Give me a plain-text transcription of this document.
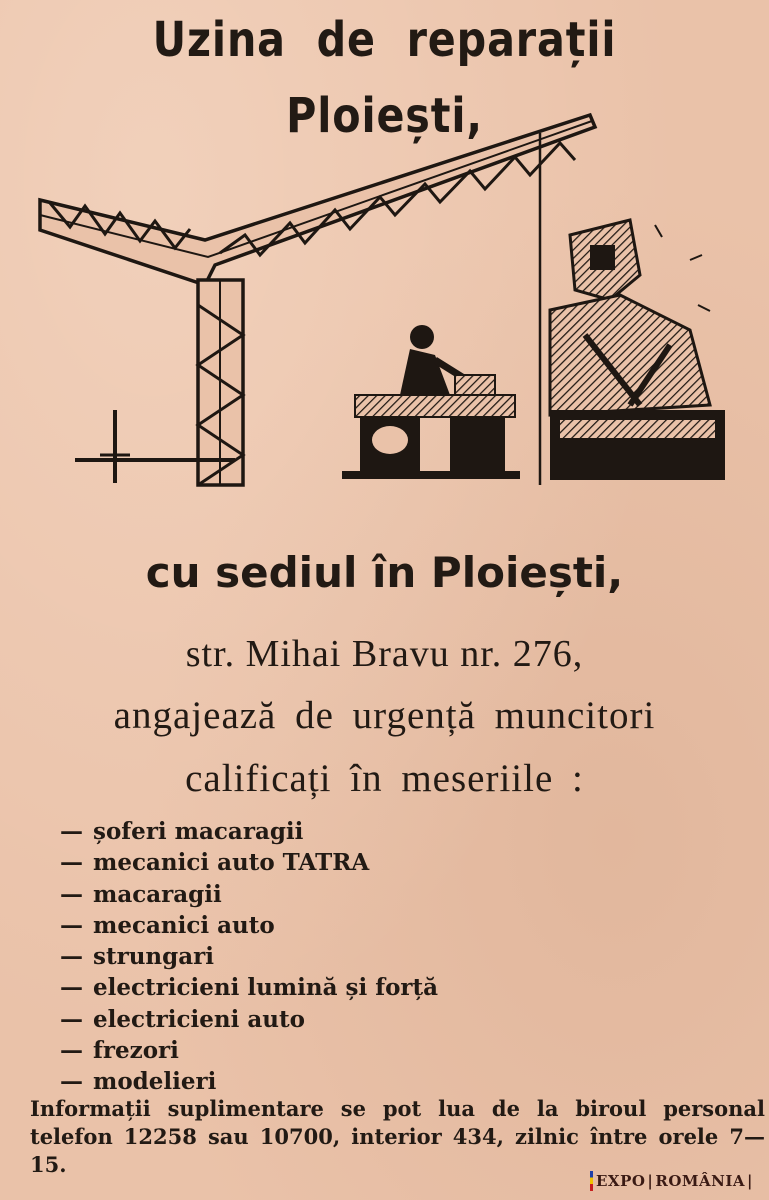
Uzina de reparații Ploiești,
cu sediul în Ploiești,
str. Mihai Bravu nr. 276,
angajează de urgență muncitori
calificați în meseriile :
— șoferi macaragii
— mecanici auto TATRA
— macaragii
— mecanici auto
— strungari
— electricieni lumină și forță
— electricieni auto
— frezori
— modelieri
Informații suplimentare se pot lua de la biroul personal telefon 12258 sau 10700, interior 434, zilnic între orele 7—15.
EXPO | ROMÂNIA |
